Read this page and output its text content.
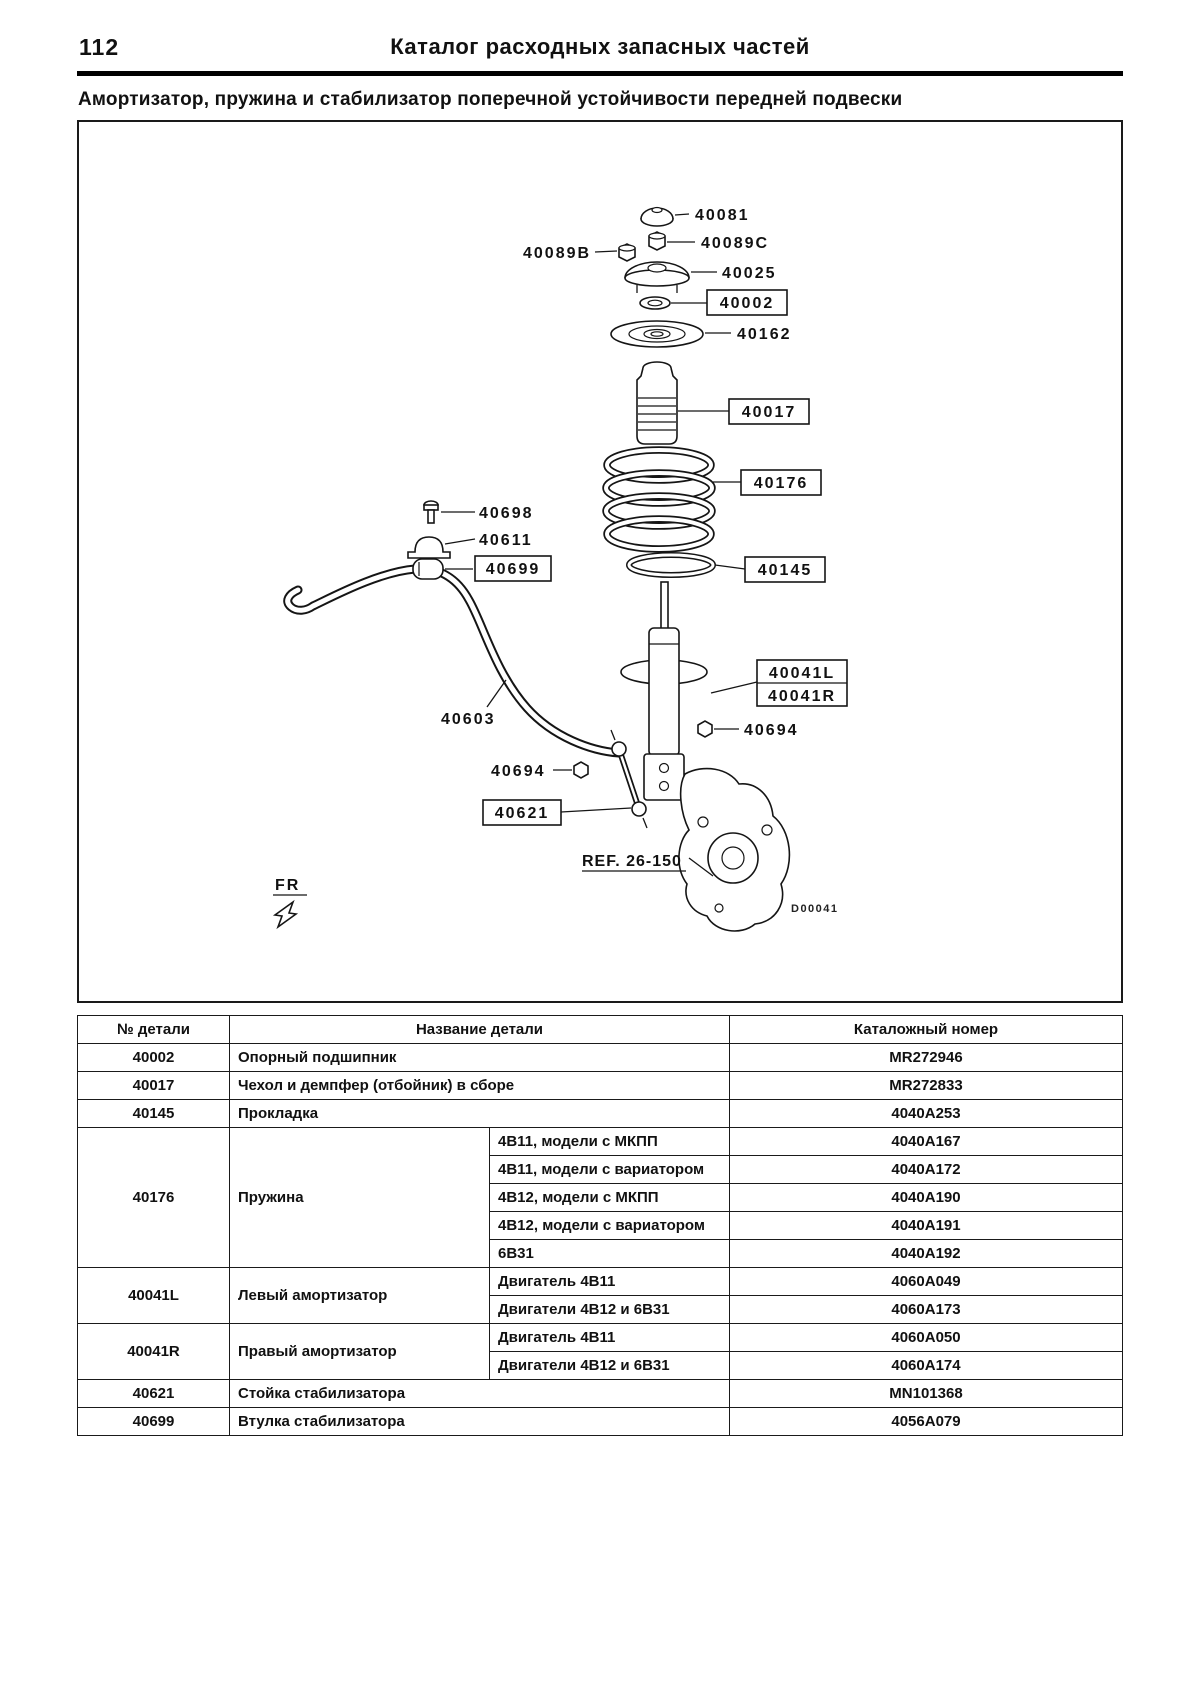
112	Каталог расходных запасных частей
Амортизатор, пружина и стабилизатор поперечной устойчивости передней подвески
40081
40089C
40089B
40025
40002
40162
40017
40176
40145
40041L
40041R
40694
40698
40611
40699
40603
40694
40621
REF. 26-150
FR
D00041
№ детали	Название детали		Каталожный номер
40002	Опорный подшипник		MR272946
40017	Чехол и демпфер (отбойник) в сборе		MR272833
40145	Прокладка		4040A253
40176	Пружина	4B11, модели с МКПП	4040A167
		4B11, модели с вариатором	4040A172
		4B12, модели с МКПП	4040A190
		4B12, модели с вариатором	4040A191
		6B31	4040A192
40041L	Левый амортизатор	Двигатель 4B11	4060A049
		Двигатели 4B12 и 6B31	4060A173
40041R	Правый амортизатор	Двигатель 4B11	4060A050
		Двигатели 4B12 и 6B31	4060A174
40621	Стойка стабилизатора		MN101368
40699	Втулка стабилизатора		4056A079
